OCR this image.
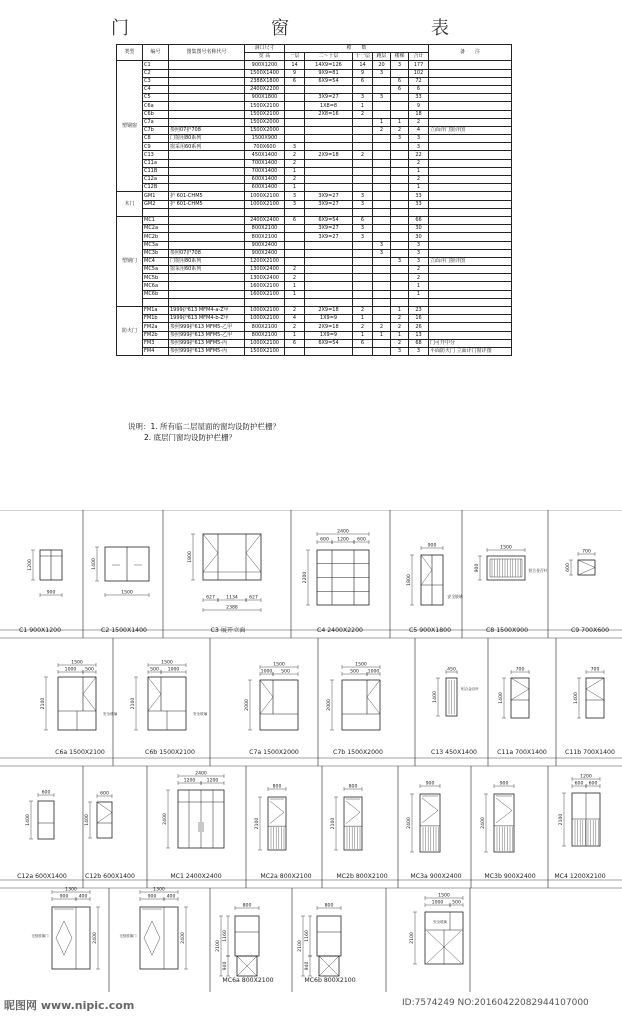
门　窗　表
类型	编号	图集图号名称代号	洞口尺寸	樘　　数						备　　注
			宽 高	一层	二～十层	十一层	跑层	楼梯	合计	
塑钢窗	C1		900X1200	14	14X9=126	14	20	3	177	
	C2		1500X1400	9	9X9=81	9	3		102	
	C3		2388X1800	6	6X9=54	6		6	72	
	C4		2400X2200					6	6	
	C5		900X1800		3X9=27	3	3		33	
	C6a		1500X2100		1X8=8	1			9	
	C6b		1500X2100		2X8=16	2			18	
	C7a		1500X2000				1	1	2	
	C7b	参照07护708	1500X2000				2	2	4	立面详门窗详图
	C8	门窗用80系列	1500X900					3	3	
	C9	窗采用60系列	700X600	3					3	
	C13		450X1400	2	2X9=18	2			22	
	C11a		700X1400	2					2	
	C11B		700X1400	1					1	
	C12a		600X1400	2					2	
	C12B		600X1400	1					1	
木门	GM1	护 601-CHM5	1000X2100	3	3X9=27	3			33	
	GM2	护 601-CHM5	1000X2100	3	3X9=27	3			33	

塑钢门	MC1		2400X2400	6	6X9=54	6			66	
	MC2a		800X2100		3X9=27	3			30	
	MC2b		800X2100		3X9=27	3			30	
	MC3a		900X2400				3		3	
	MC3b	参照07护708	900X2400				3		3	
	MC4	门窗用80系列	1200X2100					3	3	立面详门窗详图
	MC5a	窗采用60系列	1300X2400	2					2	
	MC5b		1300X2400	2					2	
	MC6a		1600X2100	1					1	
	MC6b		1600X2100	1					1	

防火门	FM1a	1999护613 MFM4-a-Z甲	1000X2100	2	2X9=18	2		1	23	
	FM1b	1999护613 MFM4-b-Z甲	1000X2100	4	1X9=9	1		2	16	
	FM2a	参照999护613 MFM5-乙甲	800X2100	2	2X9=18	2	2	2	26	
	FM2b	参照999护613 MFM5-乙甲	800X2100	1	1X9=9	1	1	1	13	
	FM3	参照999护613 MFM5-丙	1000X2100	6	6X9=54	6		2	68	门可开中分
	FM4	参照999护613 MFM5-丙	1500X2100					3	3	平面防火门 立面详门窗详图
说明：1. 所有临二层屋面的窗均设防护栏栅？
2. 底层门窗均设防护栏栅？
900
1200
C1 900X1200
1500
1400
C2 1500X1400
627 1134 627
2388
1800
C3 展开立面
600 1200 600
2400
2200
C4 2400X2200
安全玻璃
900
1800
C5 900X1800
1500
900	铝合金百叶
C8 1500X900
700
600
C9 700X600
1500
1000 500
2100
安全玻璃
C6a 1500X2100
1500
500 1000
2100
安全玻璃
C6b 1500X2100
1500
1000 500
2000
C7a 1500X2000
1500
500 1000
2000
C7b 1500X2000
450
1400
铝合金百叶
C13 450X1400
700
1400
C11a 700X1400
700
1400
C11b 700X1400
600
1400
C12a 600X1400
600
1400
C12b 600X1400
2400
1200 1200
2400
MC1 2400X2400
800
2100
MC2a 800X2100
800
2100
MC2b 800X2100
900
2400
MC3a 900X2400
900
2400
MC3b 900X2400
1200
600 600
2100
MC4 1200X2100
1300
900 400
2400
无框玻璃门
1300
900 400
2400
无框玻璃门
800
2100
1160
940
MC6a 800X2100
800
2100
1160
940
MC6b 800X2100
安全玻璃
1500
1000 500
2100
昵图网 www.nipic.com	ID:7574249 NO:20160422082944107000
